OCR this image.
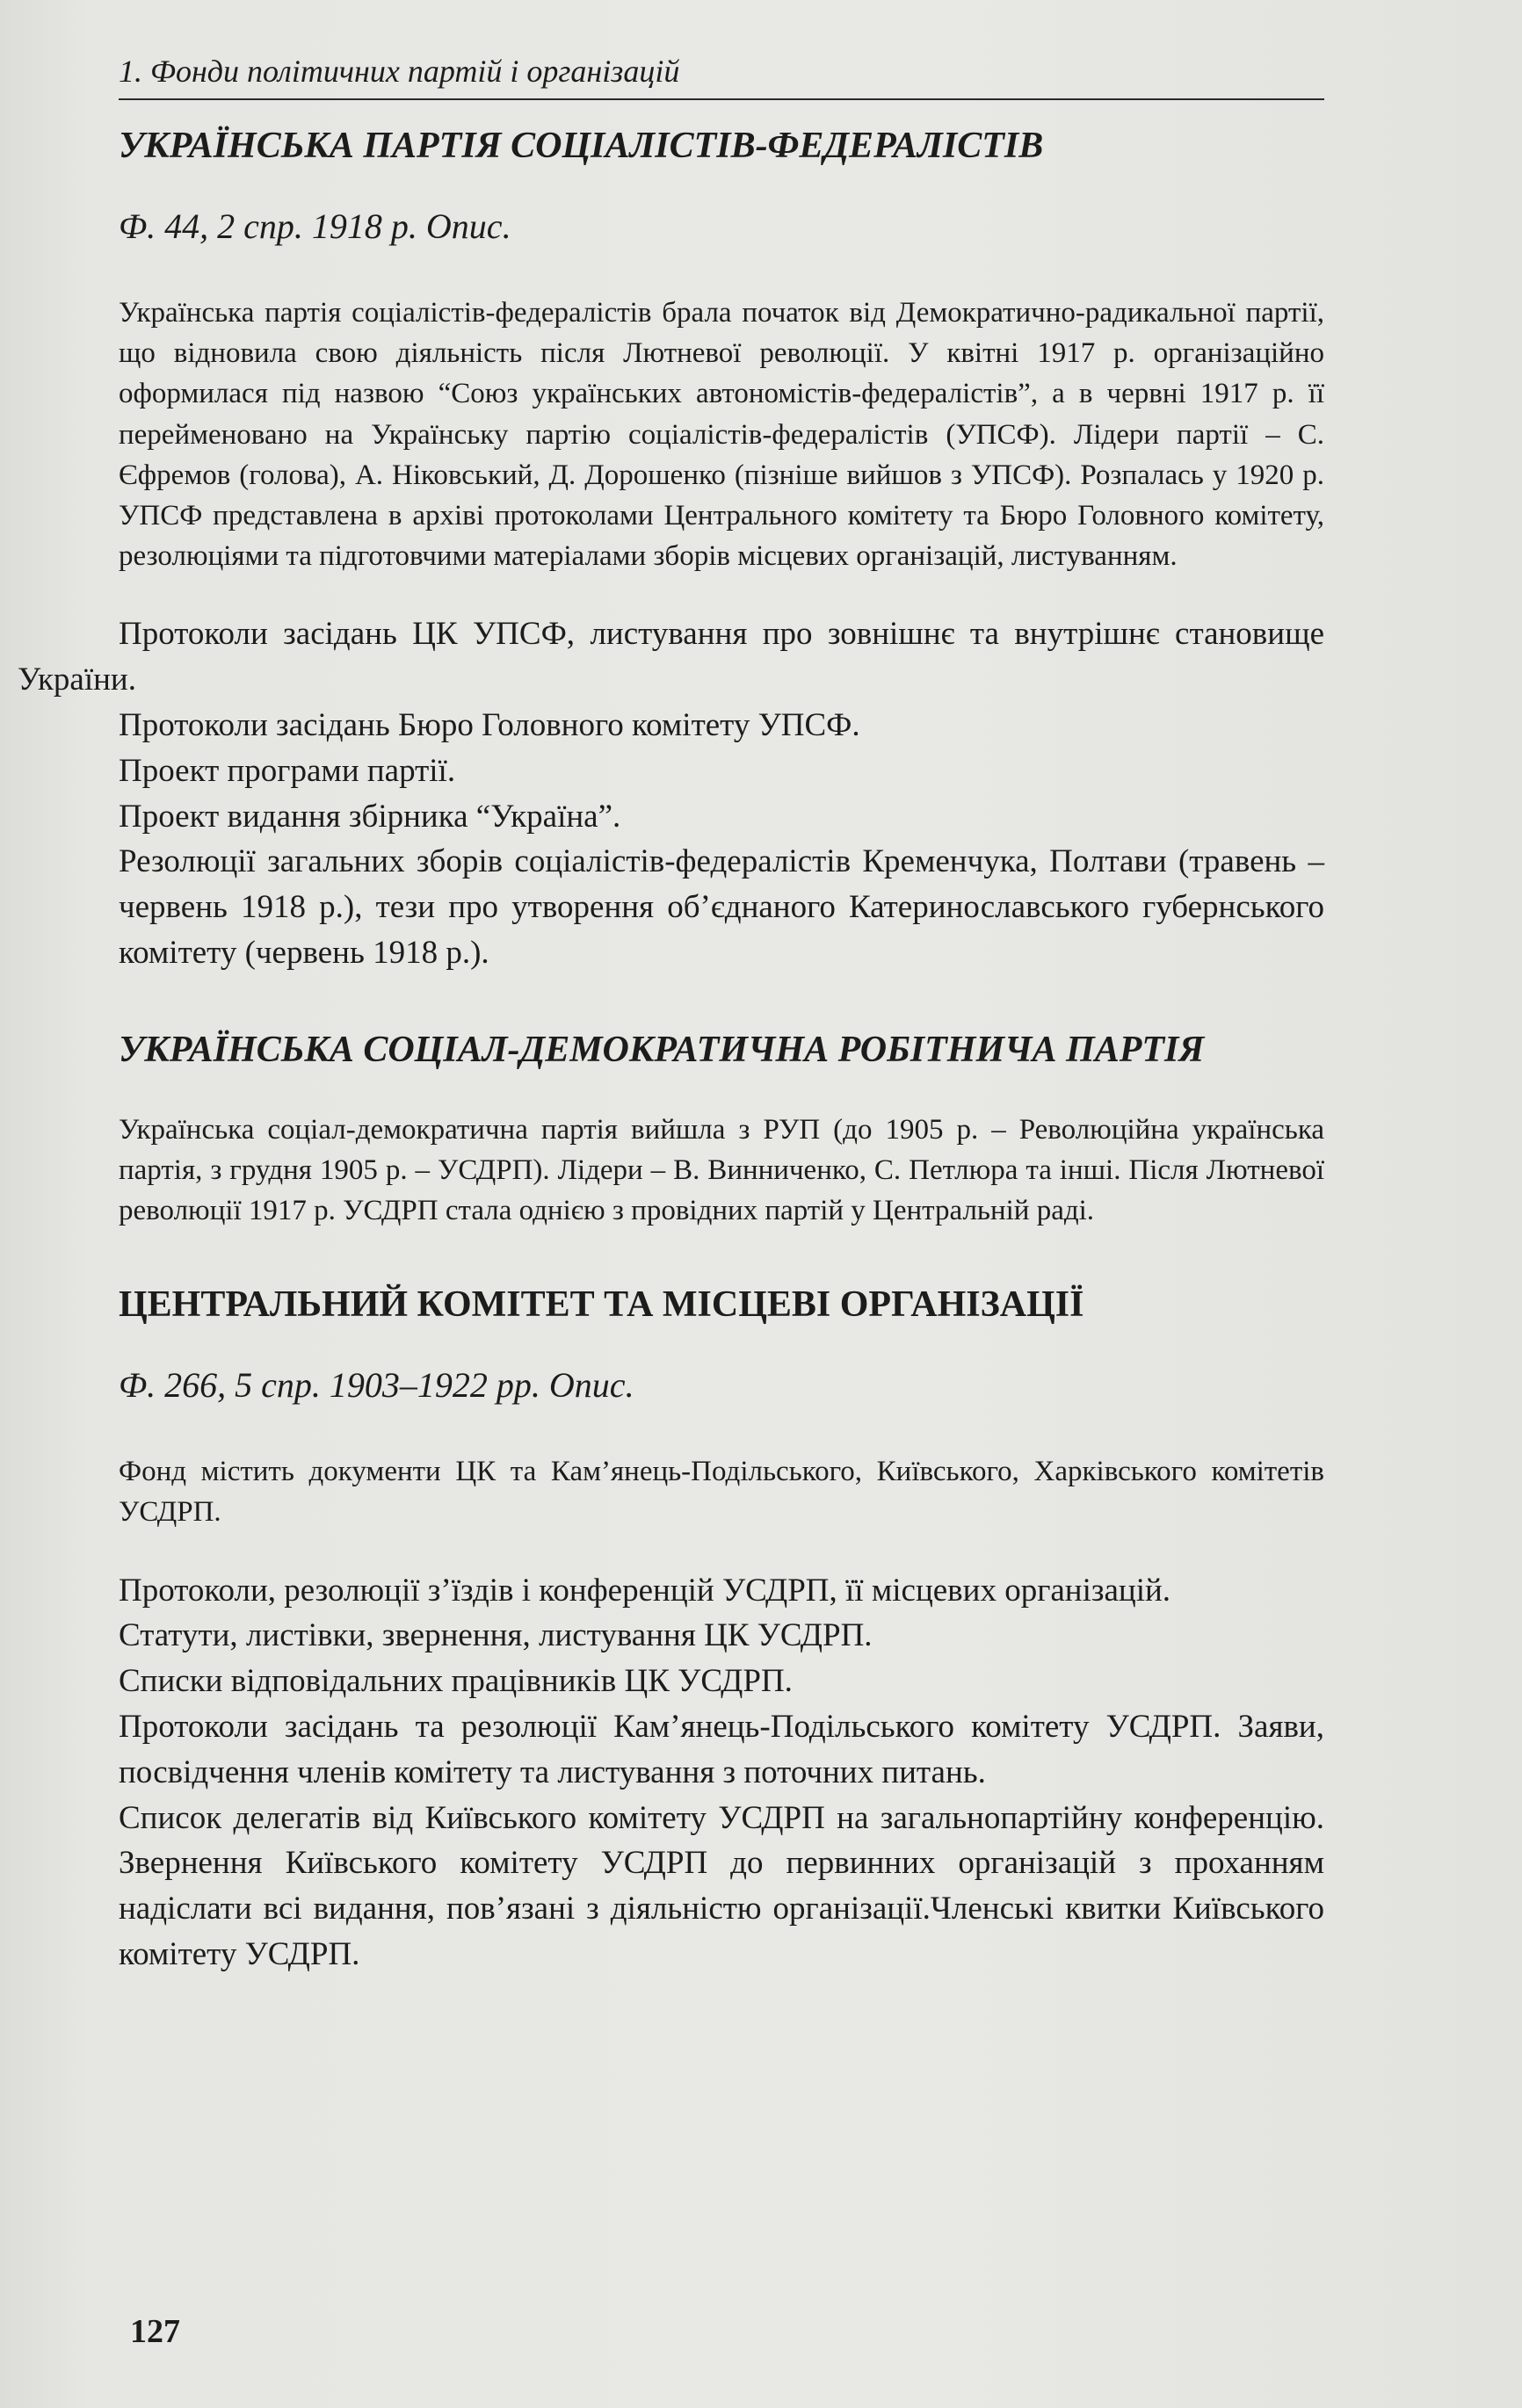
1. Фонди політичних партій і організацій
УКРАЇНСЬКА ПАРТІЯ СОЦІАЛІСТІВ-ФЕДЕРАЛІСТІВ
Ф. 44, 2 спр. 1918 р. Опис.

Українська партія соціалістів-федералістів брала початок від Демократично-радикальної партії, що відновила свою діяльність після Лютневої революції. У квітні 1917 р. організаційно оформилася під назвою “Союз українських автономістів-федералістів”, а в червні 1917 р. її перейменовано на Українську партію соціалістів-федералістів (УПСФ). Лідери партії – С. Єфремов (голова), А. Ніковський, Д. Дорошенко (пізніше вийшов з УПСФ). Розпалась у 1920 р. УПСФ представлена в архіві протоколами Центрального комітету та Бюро Головного комітету, резолюціями та підготовчими матеріалами зборів місцевих організацій, листуванням.

Протоколи засідань ЦК УПСФ, листування про зовнішнє та внутрішнє становище України.

Протоколи засідань Бюро Головного комітету УПСФ.

Проект програми партії.

Проект видання збірника “Україна”.

Резолюції загальних зборів соціалістів-федералістів Кременчука, Полтави (травень – червень 1918 р.), тези про утворення об’єднаного Катеринославського губернського комітету (червень 1918 р.).

УКРАЇНСЬКА СОЦІАЛ-ДЕМОКРАТИЧНА РОБІТНИЧА ПАРТІЯ

Українська соціал-демократична партія вийшла з РУП (до 1905 р. – Революційна українська партія, з грудня 1905 р. – УСДРП). Лідери – В. Винниченко, С. Петлюра та інші. Після Лютневої революції 1917 р. УСДРП стала однією з провідних партій у Центральній раді.

ЦЕНТРАЛЬНИЙ КОМІТЕТ ТА МІСЦЕВІ ОРГАНІЗАЦІЇ
Ф. 266, 5 спр. 1903–1922 рр. Опис.

Фонд містить документи ЦК та Кам’янець-Подільського, Київського, Харківського комітетів УСДРП.

Протоколи, резолюції з’їздів і конференцій УСДРП, її місцевих організацій.

Статути, листівки, звернення, листування ЦК УСДРП.

Списки відповідальних працівників ЦК УСДРП.

Протоколи засідань та резолюції Кам’янець-Подільського комітету УСДРП. Заяви, посвідчення членів комітету та листування з поточних питань.

Список делегатів від Київського комітету УСДРП на загальнопартійну конференцію. Звернення Київського комітету УСДРП до первинних організацій з проханням надіслати всі видання, пов’язані з діяльністю організації.Членські квитки Київського комітету УСДРП.

127
